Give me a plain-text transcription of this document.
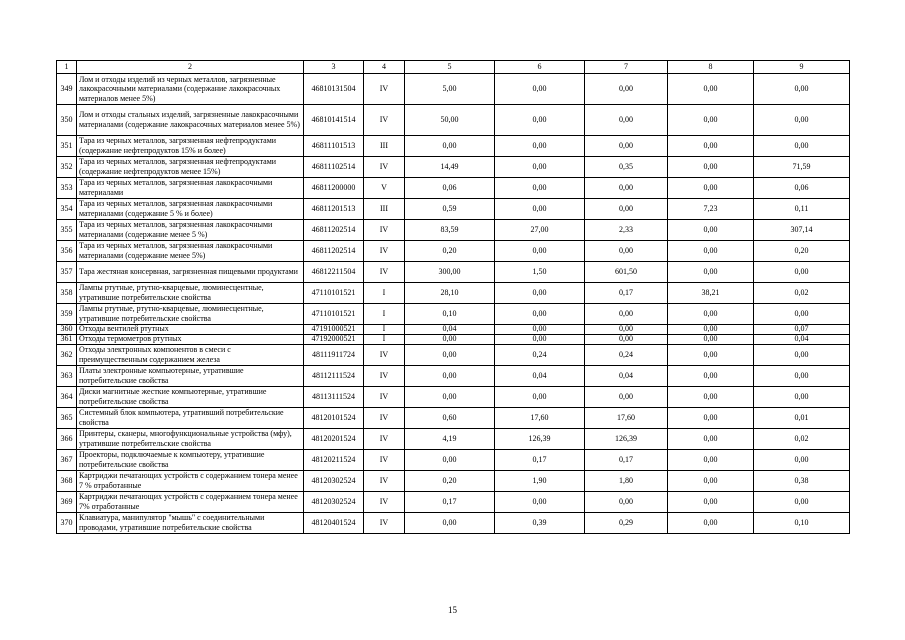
1	2	3	4	5	6	7	8	9
349	Лом и отходы изделий из черных металлов, загрязненные лакокрасочными материалами (содержание лакокрасочных материалов менее 5%)	46810131504	IV	5,00	0,00	0,00	0,00	0,00
350	Лом и отходы стальных изделий, загрязненные лакокрасочными материалами (содержание лакокрасочных материалов менее 5%)	46810141514	IV	50,00	0,00	0,00	0,00	0,00
351	Тара из черных металлов, загрязненная нефтепродуктами (содержание нефтепродуктов 15% и более)	46811101513	III	0,00	0,00	0,00	0,00	0,00
352	Тара из черных металлов, загрязненная нефтепродуктами (содержание нефтепродуктов менее 15%)	46811102514	IV	14,49	0,00	0,35	0,00	71,59
353	Тара из черных металлов, загрязненная лакокрасочными материалами	46811200000	V	0,06	0,00	0,00	0,00	0,06
354	Тара из черных металлов, загрязненная лакокрасочными материалами (содержание 5 % и более)	46811201513	III	0,59	0,00	0,00	7,23	0,11
355	Тара из черных металлов, загрязненная лакокрасочными материалами (содержание менее 5 %)	46811202514	IV	83,59	27,00	2,33	0,00	307,14
356	Тара из черных металлов, загрязненная лакокрасочными материалами (содержание менее 5%)	46811202514	IV	0,20	0,00	0,00	0,00	0,20
357	Тара жестяная консервная, загрязненная пищевыми продуктами	46812211504	IV	300,00	1,50	601,50	0,00	0,00
358	Лампы ртутные, ртутно-кварцевые, люминесцентные, утратившие потребительские свойства	47110101521	I	28,10	0,00	0,17	38,21	0,02
359	Лампы ртутные, ртутно-кварцевые, люминесцентные, утратившие потребительские свойства	47110101521	I	0,10	0,00	0,00	0,00	0,00
360	Отходы вентилей ртутных	47191000521	I	0,04	0,00	0,00	0,00	0,07
361	Отходы термометров ртутных	47192000521	I	0,00	0,00	0,00	0,00	0,04
362	Отходы электронных компонентов в смеси с преимущественным содержанием железа	48111911724	IV	0,00	0,24	0,24	0,00	0,00
363	Платы электронные компьютерные, утратившие потребительские свойства	48112111524	IV	0,00	0,04	0,04	0,00	0,00
364	Диски магнитные жесткие компьютерные, утратившие потребительские свойства	48113111524	IV	0,00	0,00	0,00	0,00	0,00
365	Системный блок компьютера, утративший потребительские свойства	48120101524	IV	0,60	17,60	17,60	0,00	0,01
366	Принтеры, сканеры, многофункциональные устройства (мфу), утратившие потребительские свойства	48120201524	IV	4,19	126,39	126,39	0,00	0,02
367	Проекторы, подключаемые к компьютеру, утратившие потребительские свойства	48120211524	IV	0,00	0,17	0,17	0,00	0,00
368	Картриджи печатающих устройств с содержанием тонера менее 7 % отработанные	48120302524	IV	0,20	1,90	1,80	0,00	0,38
369	Картриджи печатающих устройств с содержанием тонера менее 7% отработанные	48120302524	IV	0,17	0,00	0,00	0,00	0,00
370	Клавиатура, манипулятор "мышь" с соединительными проводами, утратившие потребительские свойства	48120401524	IV	0,00	0,39	0,29	0,00	0,10
15
